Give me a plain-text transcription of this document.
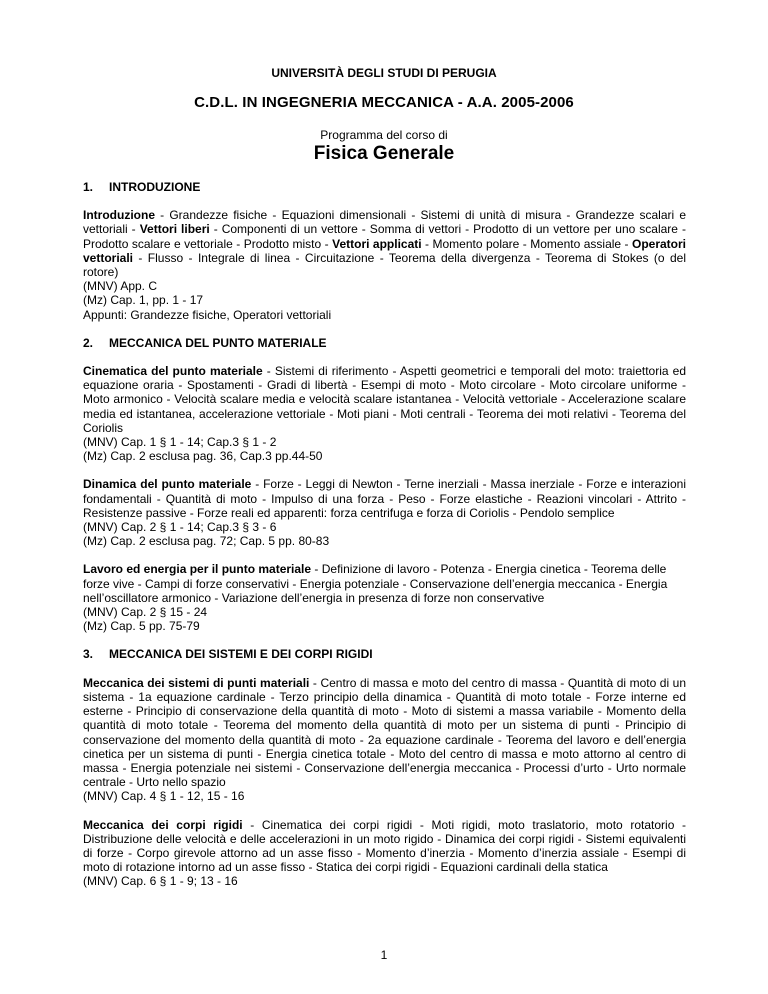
UNIVERSITÀ DEGLI STUDI DI PERUGIA
C.D.L. IN INGEGNERIA MECCANICA - A.A. 2005-2006
Programma del corso di
Fisica Generale
1. INTRODUZIONE
Introduzione - Grandezze fisiche - Equazioni dimensionali - Sistemi di unità di misura - Grandezze scalari e vettoriali - Vettori liberi - Componenti di un vettore - Somma di vettori - Prodotto di un vettore per uno scalare - Prodotto scalare e vettoriale - Prodotto misto - Vettori applicati - Momento polare - Momento assiale - Operatori vettoriali - Flusso - Integrale di linea - Circuitazione - Teorema della divergenza - Teorema di Stokes (o del rotore)
(MNV) App. C
(Mz) Cap. 1, pp. 1 - 17
Appunti: Grandezze fisiche, Operatori vettoriali
2. MECCANICA DEL PUNTO MATERIALE
Cinematica del punto materiale - Sistemi di riferimento - Aspetti geometrici e temporali del moto: traiettoria ed equazione oraria - Spostamenti - Gradi di libertà - Esempi di moto - Moto circolare - Moto circolare uniforme - Moto armonico - Velocità scalare media e velocità scalare istantanea - Velocità vettoriale - Accelerazione scalare media ed istantanea, accelerazione vettoriale - Moti piani - Moti centrali - Teorema dei moti relativi - Teorema del Coriolis
(MNV) Cap. 1 § 1 - 14; Cap.3 § 1 - 2
(Mz) Cap. 2 esclusa pag. 36, Cap.3 pp.44-50
Dinamica del punto materiale - Forze - Leggi di Newton - Terne inerziali - Massa inerziale - Forze e interazioni fondamentali - Quantità di moto - Impulso di una forza - Peso - Forze elastiche - Reazioni vincolari - Attrito - Resistenze passive - Forze reali ed apparenti: forza centrifuga e forza di Coriolis - Pendolo semplice
(MNV) Cap. 2 § 1 - 14; Cap.3 § 3 - 6
(Mz) Cap. 2 esclusa pag. 72; Cap. 5 pp. 80-83
Lavoro ed energia per il punto materiale - Definizione di lavoro - Potenza - Energia cinetica - Teorema delle forze vive - Campi di forze conservativi - Energia potenziale - Conservazione dell’energia meccanica - Energia nell’oscillatore armonico - Variazione dell’energia in presenza di forze non conservative
(MNV) Cap. 2 § 15 - 24
(Mz) Cap. 5 pp. 75-79
3. MECCANICA DEI SISTEMI E DEI CORPI RIGIDI
Meccanica dei sistemi di punti materiali - Centro di massa e moto del centro di massa - Quantità di moto di un sistema - 1a equazione cardinale - Terzo principio della dinamica - Quantità di moto totale - Forze interne ed esterne - Principio di conservazione della quantità di moto - Moto di sistemi a massa variabile - Momento della quantità di moto totale - Teorema del momento della quantità di moto per un sistema di punti - Principio di conservazione del momento della quantità di moto - 2a equazione cardinale - Teorema del lavoro e dell’energia cinetica per un sistema di punti - Energia cinetica totale - Moto del centro di massa e moto attorno al centro di massa - Energia potenziale nei sistemi - Conservazione dell’energia meccanica - Processi d’urto - Urto normale centrale - Urto nello spazio
(MNV) Cap. 4 § 1 - 12, 15 - 16
Meccanica dei corpi rigidi - Cinematica dei corpi rigidi - Moti rigidi, moto traslatorio, moto rotatorio - Distribuzione delle velocità e delle accelerazioni in un moto rigido - Dinamica dei corpi rigidi - Sistemi equivalenti di forze - Corpo girevole attorno ad un asse fisso - Momento d’inerzia - Momento d’inerzia assiale - Esempi di moto di rotazione intorno ad un asse fisso - Statica dei corpi rigidi - Equazioni cardinali della statica
(MNV) Cap. 6 § 1 - 9; 13 - 16
1
